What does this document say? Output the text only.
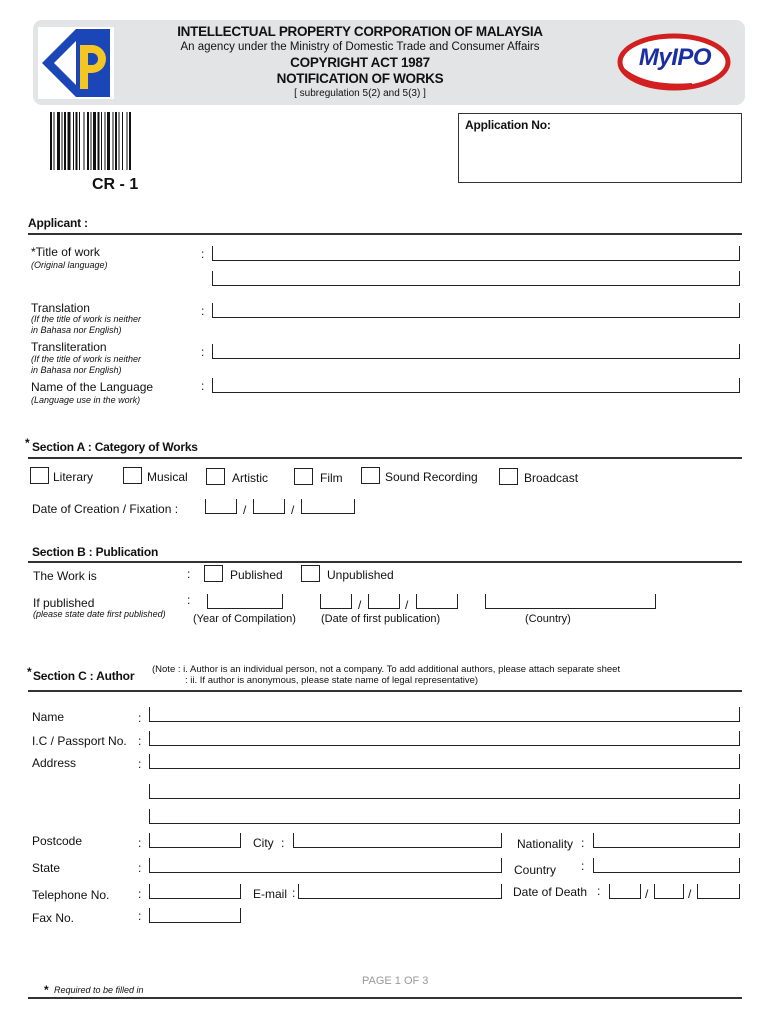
INTELLECTUAL PROPERTY CORPORATION OF MALAYSIA
An agency under the Ministry of Domestic Trade and Consumer Affairs
COPYRIGHT ACT 1987
NOTIFICATION OF WORKS
[ subregulation 5(2) and 5(3) ]
MyIPO
CR - 1
Application No:
Applicant :
*Title of work
(Original language)
:
Translation
(If the title of work is neither
in Bahasa nor English)
:
Transliteration
(If the title of work is neither
in Bahasa nor English)
:
Name of the Language
(Language use in the work)
:
* Section A : Category of Works
Literary	Musical	Artistic	Film	Sound Recording	Broadcast
Date of Creation / Fixation :	/	/
Section B : Publication
The Work is	:	Published	Unpublished
If published
(please state date first published)
:	/	/
(Year of Compilation) (Date of first publication)	(Country)
* Section C : Author (Note : i. Author is an individual person, not a company. To add additional authors, please attach separate sheet
: ii. If author is anonymous, please state name of legal representative)
Name	:
I.C / Passport No. :
Address	:
Postcode	:	City :	Nationality :
State	:	Country :
Telephone No. :	E-mail :	Date of Death :	/	/
Fax No.	:
PAGE 1 OF 3
* Required to be filled in
